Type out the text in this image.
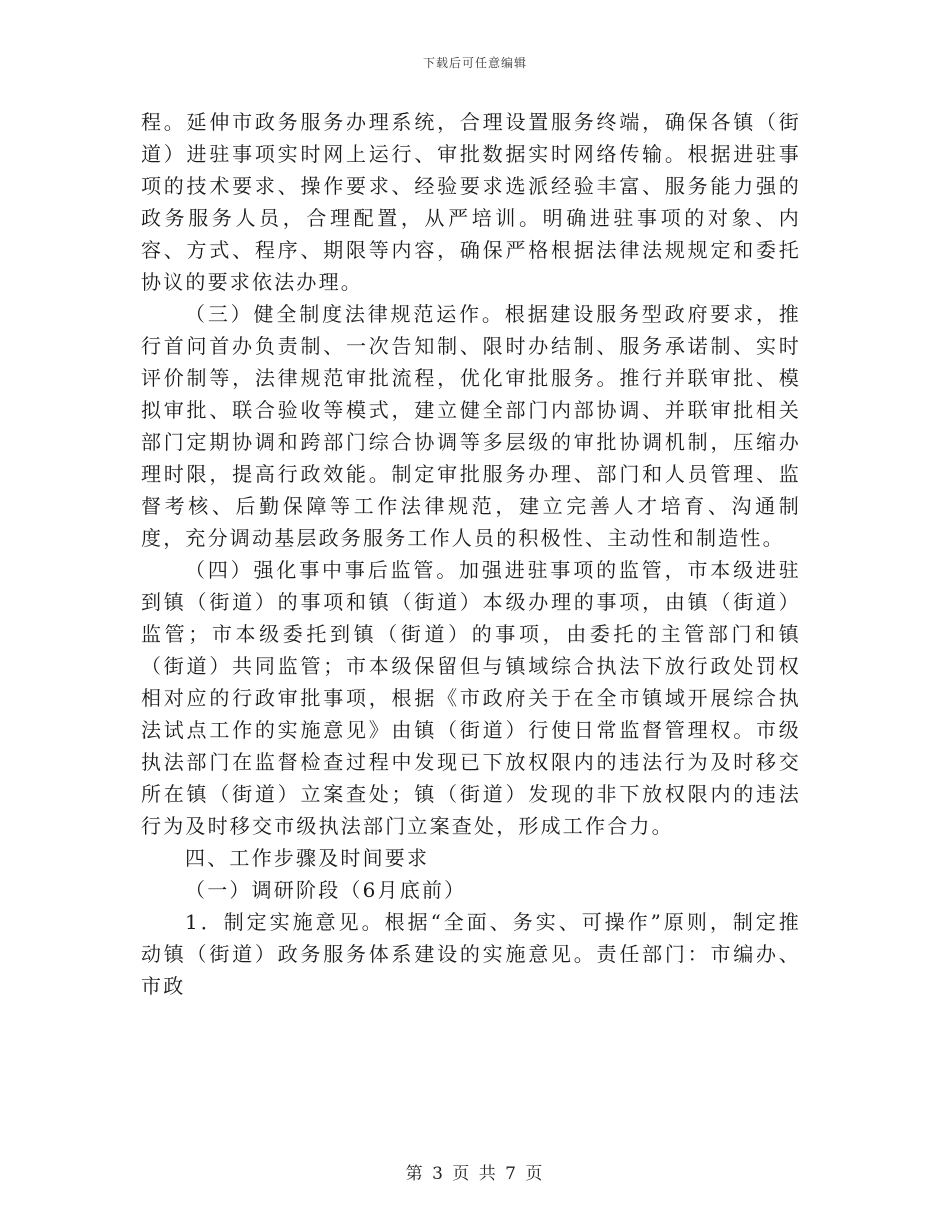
下载后可任意编辑

程。延伸市政务服务办理系统，合理设置服务终端，确保各镇（街道）进驻事项实时网上运行、审批数据实时网络传输。根据进驻事项的技术要求、操作要求、经验要求选派经验丰富、服务能力强的政务服务人员，合理配置，从严培训。明确进驻事项的对象、内容、方式、程序、期限等内容，确保严格根据法律法规规定和委托协议的要求依法办理。

（三）健全制度法律规范运作。根据建设服务型政府要求，推行首问首办负责制、一次告知制、限时办结制、服务承诺制、实时评价制等，法律规范审批流程，优化审批服务。推行并联审批、模拟审批、联合验收等模式，建立健全部门内部协调、并联审批相关部门定期协调和跨部门综合协调等多层级的审批协调机制，压缩办理时限，提高行政效能。制定审批服务办理、部门和人员管理、监督考核、后勤保障等工作法律规范，建立完善人才培育、沟通制度，充分调动基层政务服务工作人员的积极性、主动性和制造性。

（四）强化事中事后监管。加强进驻事项的监管，市本级进驻到镇（街道）的事项和镇（街道）本级办理的事项，由镇（街道）监管；市本级委托到镇（街道）的事项，由委托的主管部门和镇（街道）共同监管；市本级保留但与镇域综合执法下放行政处罚权相对应的行政审批事项，根据《市政府关于在全市镇域开展综合执法试点工作的实施意见》由镇（街道）行使日常监督管理权。市级执法部门在监督检查过程中发现已下放权限内的违法行为及时移交所在镇（街道）立案查处；镇（街道）发现的非下放权限内的违法行为及时移交市级执法部门立案查处，形成工作合力。

四、工作步骤及时间要求

（一）调研阶段（6月底前）

1．制定实施意见。根据“全面、务实、可操作”原则，制定推动镇（街道）政务服务体系建设的实施意见。责任部门：市编办、市政

第 3 页 共 7 页
